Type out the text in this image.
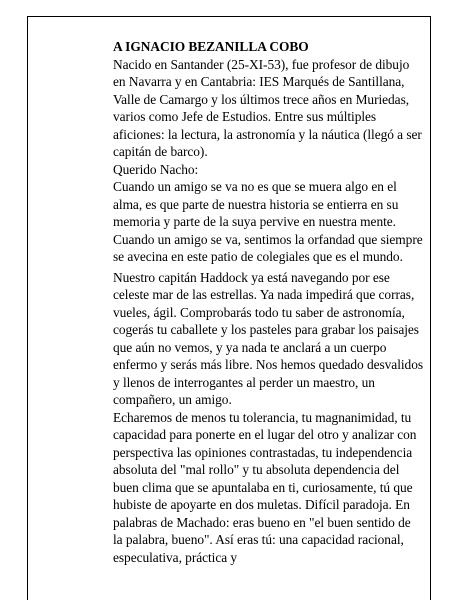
A IGNACIO BEZANILLA COBO

Nacido en Santander (25-XI-53), fue profesor de dibujo en Navarra y en Cantabria: IES Marqués de Santillana, Valle de Camargo y los últimos trece años en Muriedas, varios como Jefe de Estudios. Entre sus múltiples aficiones: la lectura, la astronomía y la náutica (llegó a ser capitán de barco).

Querido Nacho:

Cuando un amigo se va no es que se muera algo en el alma, es que parte de nuestra historia se entierra en su memoria y parte de la suya pervive en nuestra mente. Cuando un amigo se va, sentimos la orfandad que siempre se avecina en este patio de colegiales que es el mundo.

Nuestro capitán Haddock ya está navegando por ese celeste mar de las estrellas. Ya nada impedirá que corras, vueles, ágil. Comprobarás todo tu saber de astronomía, cogerás tu caballete y los pasteles para grabar los paisajes que aún no vemos, y ya nada te anclará a un cuerpo enfermo y serás más libre. Nos hemos quedado desvalidos y llenos de interrogantes al perder un maestro, un compañero, un amigo.

Echaremos de menos tu tolerancia, tu magnanimidad, tu capacidad para ponerte en el lugar del otro y analizar con perspectiva las opiniones contrastadas, tu independencia absoluta del "mal rollo" y tu absoluta dependencia del buen clima que se apuntalaba en ti, curiosamente, tú que hubiste de apoyarte en dos muletas. Difícil paradoja. En palabras de Machado: eras bueno en "el buen sentido de la palabra, bueno". Así eras tú: una capacidad racional, especulativa, práctica y
